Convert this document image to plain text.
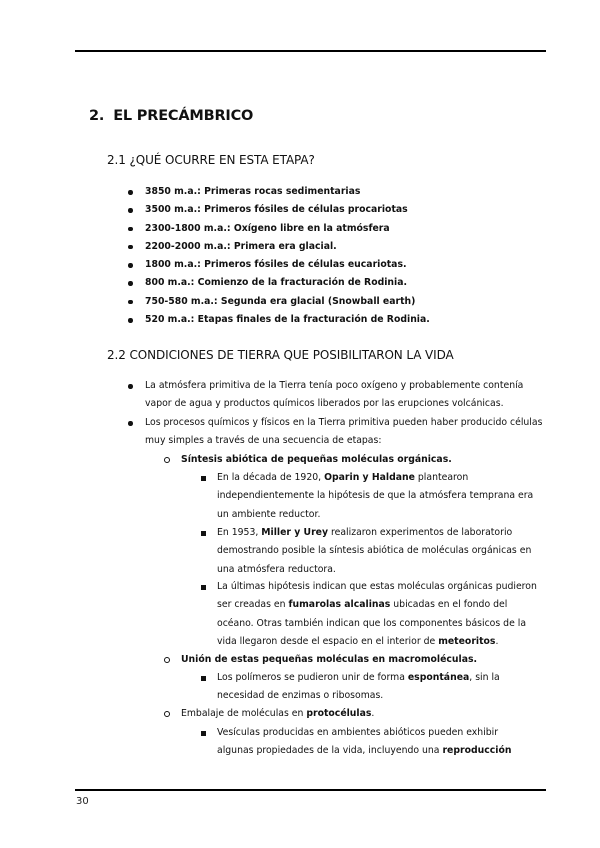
2. EL PRECÁMBRICO
2.1 ¿QUÉ OCURRE EN ESTA ETAPA?
3850 m.a.: Primeras rocas sedimentarias
3500 m.a.: Primeros fósiles de células procariotas
2300-1800 m.a.: Oxígeno libre en la atmósfera
2200-2000 m.a.: Primera era glacial.
1800 m.a.: Primeros fósiles de células eucariotas.
800 m.a.: Comienzo de la fracturación de Rodinia.
750-580 m.a.: Segunda era glacial (Snowball earth)
520 m.a.: Etapas finales de la fracturación de Rodinia.
2.2 CONDICIONES DE TIERRA QUE POSIBILITARON LA VIDA
La atmósfera primitiva de la Tierra tenía poco oxígeno y probablemente contenía vapor de agua y productos químicos liberados por las erupciones volcánicas.
Los procesos químicos y físicos en la Tierra primitiva pueden haber producido células muy simples a través de una secuencia de etapas:
Síntesis abiótica de pequeñas moléculas orgánicas.
En la década de 1920, Oparin y Haldane plantearon independientemente la hipótesis de que la atmósfera temprana era un ambiente reductor.
En 1953, Miller y Urey realizaron experimentos de laboratorio demostrando posible la síntesis abiótica de moléculas orgánicas en una atmósfera reductora.
La últimas hipótesis indican que estas moléculas orgánicas pudieron ser creadas en fumarolas alcalinas ubicadas en el fondo del océano. Otras también indican que los componentes básicos de la vida llegaron desde el espacio en el interior de meteoritos.
Unión de estas pequeñas moléculas en macromoléculas.
Los polímeros se pudieron unir de forma espontánea, sin la necesidad de enzimas o ribosomas.
Embalaje de moléculas en protocélulas.
Vesículas producidas en ambientes abióticos pueden exhibir algunas propiedades de la vida, incluyendo una reproducción
30
